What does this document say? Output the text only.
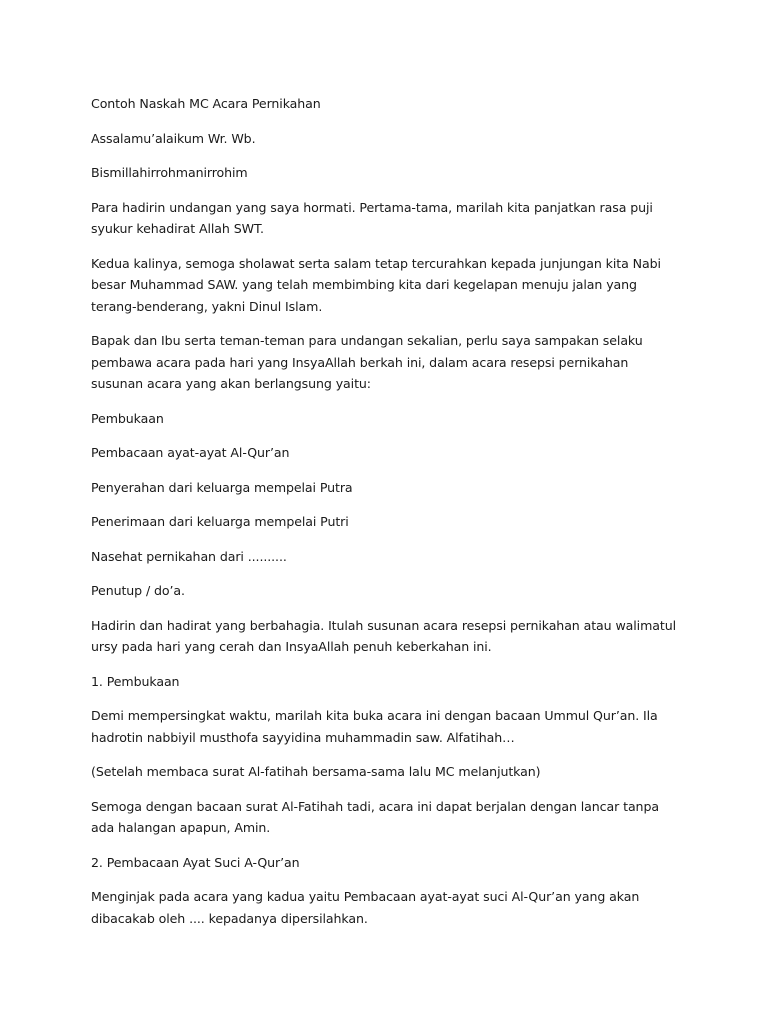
Contoh Naskah MC Acara Pernikahan

Assalamu’alaikum Wr. Wb.

Bismillahirrohmanirrohim

Para hadirin undangan yang saya hormati. Pertama-tama, marilah kita panjatkan rasa puji syukur kehadirat Allah SWT.

Kedua kalinya, semoga sholawat serta salam tetap tercurahkan kepada junjungan kita Nabi besar Muhammad SAW. yang telah membimbing kita dari kegelapan menuju jalan yang terang-benderang, yakni Dinul Islam.

Bapak dan Ibu serta teman-teman para undangan sekalian, perlu saya sampakan selaku pembawa acara pada hari yang InsyaAllah berkah ini, dalam acara resepsi pernikahan susunan acara yang akan berlangsung yaitu:

Pembukaan

Pembacaan ayat-ayat Al-Qur’an

Penyerahan dari keluarga mempelai Putra

Penerimaan dari keluarga mempelai Putri

Nasehat pernikahan dari ..........

Penutup / do’a.

Hadirin dan hadirat yang berbahagia. Itulah susunan acara resepsi pernikahan atau walimatul ursy pada hari yang cerah dan InsyaAllah penuh keberkahan ini.

1. Pembukaan

Demi mempersingkat waktu, marilah kita buka acara ini dengan bacaan Ummul Qur’an. Ila hadrotin nabbiyil musthofa sayyidina muhammadin saw. Alfatihah…

(Setelah membaca surat Al-fatihah bersama-sama lalu MC melanjutkan)

Semoga dengan bacaan surat Al-Fatihah tadi, acara ini dapat berjalan dengan lancar tanpa ada halangan apapun, Amin.

2. Pembacaan Ayat Suci A-Qur’an

Menginjak pada acara yang kadua yaitu Pembacaan ayat-ayat suci Al-Qur’an yang akan dibacakab oleh .... kepadanya dipersilahkan.
